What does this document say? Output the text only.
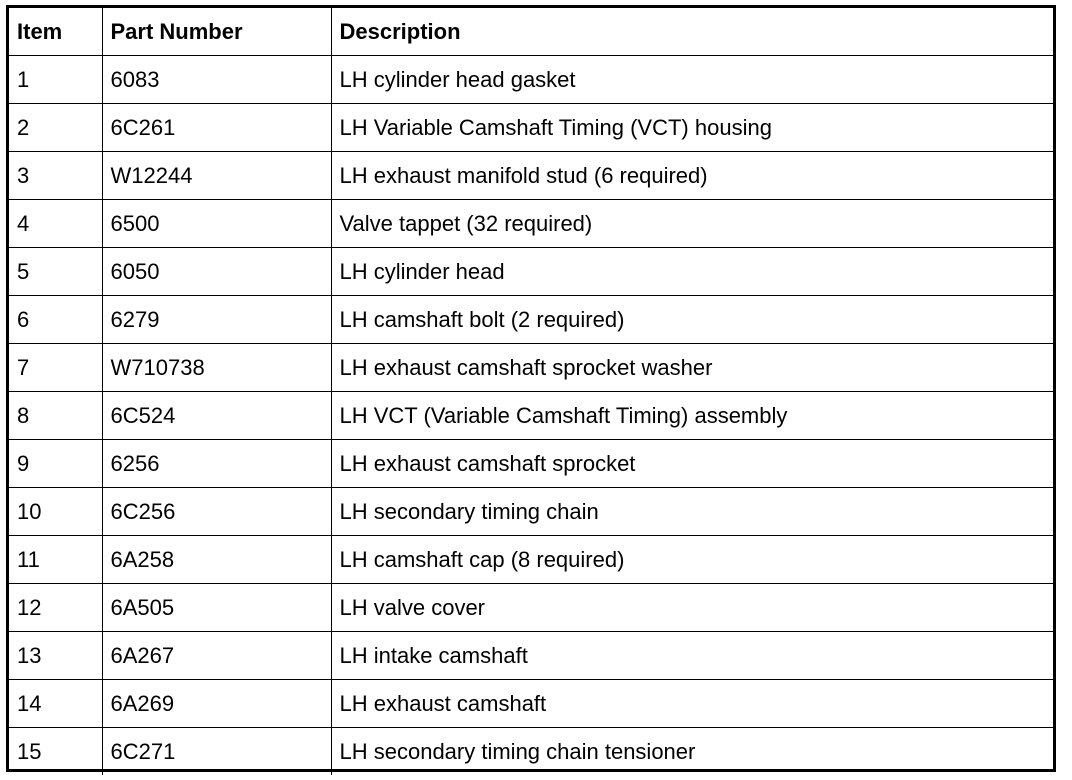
Item	Part Number	Description
1	6083	LH cylinder head gasket
2	6C261	LH Variable Camshaft Timing (VCT) housing
3	W12244	LH exhaust manifold stud (6 required)
4	6500	Valve tappet (32 required)
5	6050	LH cylinder head
6	6279	LH camshaft bolt (2 required)
7	W710738	LH exhaust camshaft sprocket washer
8	6C524	LH VCT (Variable Camshaft Timing) assembly
9	6256	LH exhaust camshaft sprocket
10	6C256	LH secondary timing chain
11	6A258	LH camshaft cap (8 required)
12	6A505	LH valve cover
13	6A267	LH intake camshaft
14	6A269	LH exhaust camshaft
15	6C271	LH secondary timing chain tensioner
